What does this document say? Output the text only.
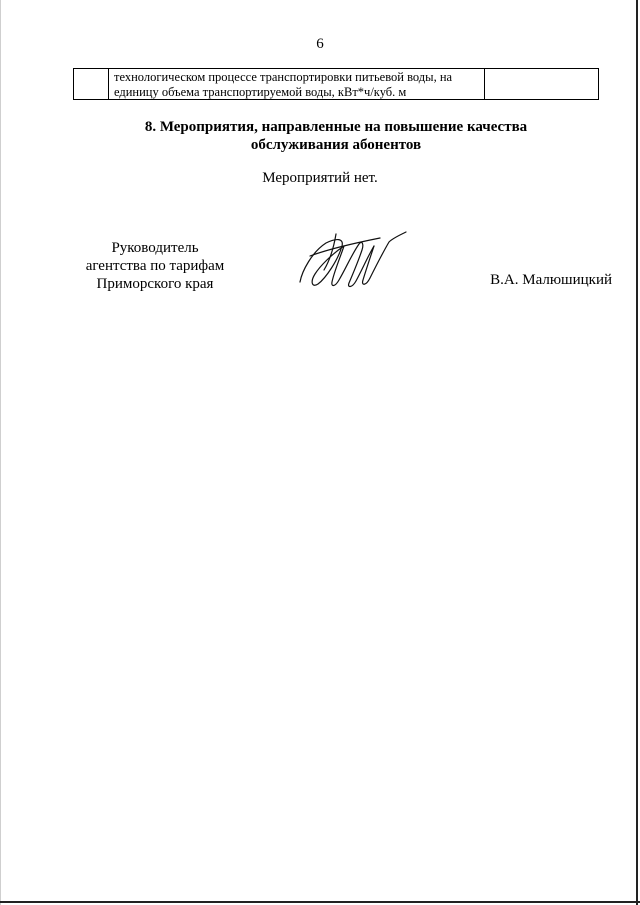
6
технологическом процессе транспортировки питьевой воды, на
единицу объема транспортируемой воды, кВт*ч/куб. м
8. Мероприятия, направленные на повышение качества
обслуживания абонентов
Мероприятий нет.
Руководитель
агентства по тарифам
Приморского края	В.А. Малюшицкий
